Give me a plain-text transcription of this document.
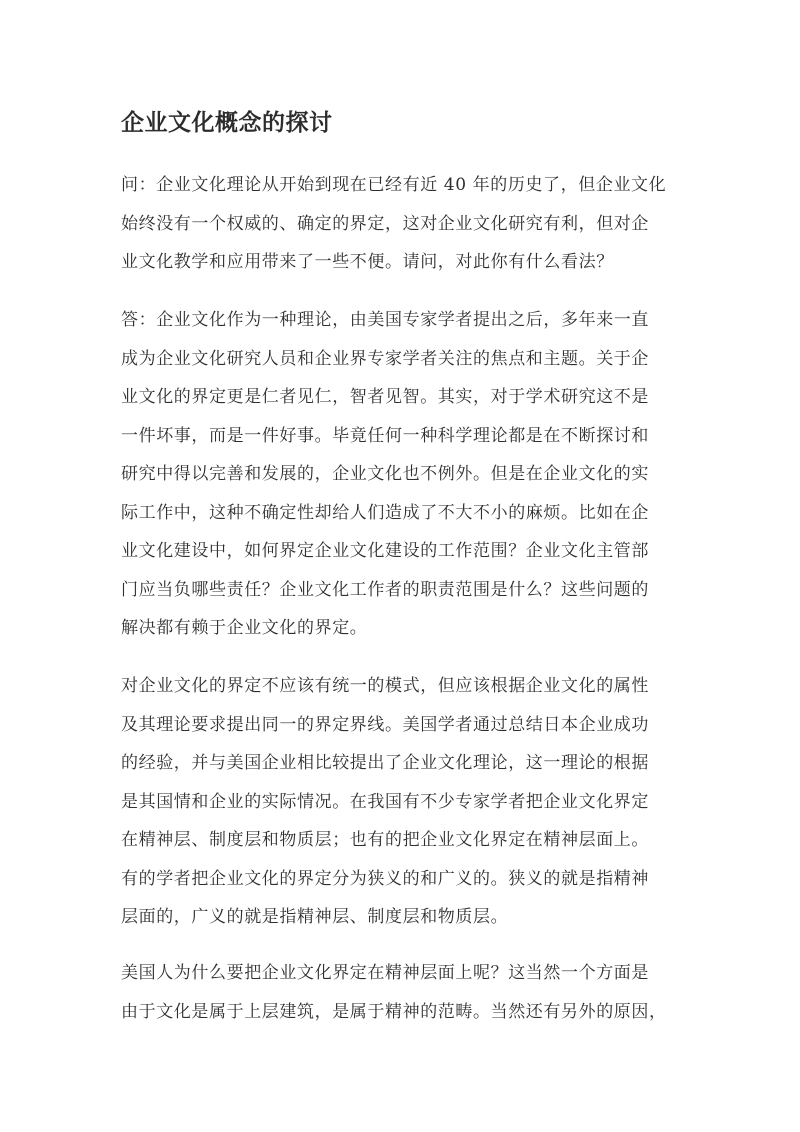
企业文化概念的探讨
问：企业文化理论从开始到现在已经有近 40 年的历史了，但企业文化
始终没有一个权威的、确定的界定，这对企业文化研究有利，但对企
业文化教学和应用带来了一些不便。请问，对此你有什么看法？
答：企业文化作为一种理论，由美国专家学者提出之后，多年来一直
成为企业文化研究人员和企业界专家学者关注的焦点和主题。关于企
业文化的界定更是仁者见仁，智者见智。其实，对于学术研究这不是
一件坏事，而是一件好事。毕竟任何一种科学理论都是在不断探讨和
研究中得以完善和发展的，企业文化也不例外。但是在企业文化的实
际工作中，这种不确定性却给人们造成了不大不小的麻烦。比如在企
业文化建设中，如何界定企业文化建设的工作范围？企业文化主管部
门应当负哪些责任？企业文化工作者的职责范围是什么？这些问题的
解决都有赖于企业文化的界定。
对企业文化的界定不应该有统一的模式，但应该根据企业文化的属性
及其理论要求提出同一的界定界线。美国学者通过总结日本企业成功
的经验，并与美国企业相比较提出了企业文化理论，这一理论的根据
是其国情和企业的实际情况。在我国有不少专家学者把企业文化界定
在精神层、制度层和物质层；也有的把企业文化界定在精神层面上。
有的学者把企业文化的界定分为狭义的和广义的。狭义的就是指精神
层面的，广义的就是指精神层、制度层和物质层。
美国人为什么要把企业文化界定在精神层面上呢？这当然一个方面是
由于文化是属于上层建筑，是属于精神的范畴。当然还有另外的原因，
